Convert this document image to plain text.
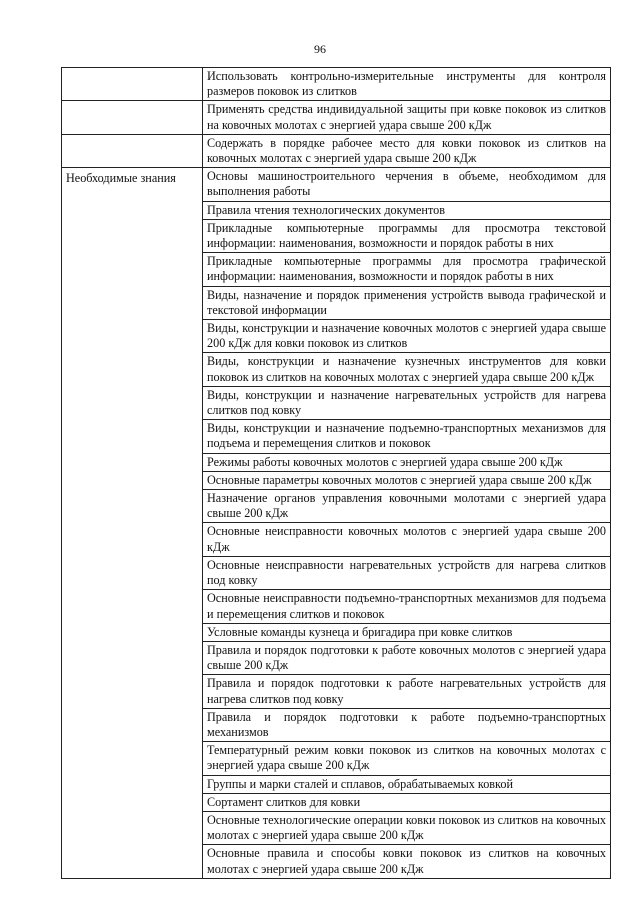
96
	Использовать контрольно-измерительные инструменты для контроля размеров поковок из слитков
	Применять средства индивидуальной защиты при ковке поковок из слитков на ковочных молотах с энергией удара свыше 200 кДж
	Содержать в порядке рабочее место для ковки поковок из слитков на ковочных молотах с энергией удара свыше 200 кДж
Необходимые знания	Основы машиностроительного черчения в объеме, необходимом для выполнения работы
	Правила чтения технологических документов
	Прикладные компьютерные программы для просмотра текстовой информации: наименования, возможности и порядок работы в них
	Прикладные компьютерные программы для просмотра графической информации: наименования, возможности и порядок работы в них
	Виды, назначение и порядок применения устройств вывода графической и текстовой информации
	Виды, конструкции и назначение ковочных молотов с энергией удара свыше 200 кДж для ковки поковок из слитков
	Виды, конструкции и назначение кузнечных инструментов для ковки поковок из слитков на ковочных молотах с энергией удара свыше 200 кДж
	Виды, конструкции и назначение нагревательных устройств для нагрева слитков под ковку
	Виды, конструкции и назначение подъемно-транспортных механизмов для подъема и перемещения слитков и поковок
	Режимы работы ковочных молотов с энергией удара свыше 200 кДж
	Основные параметры ковочных молотов с энергией удара свыше 200 кДж
	Назначение органов управления ковочными молотами с энергией удара свыше 200 кДж
	Основные неисправности ковочных молотов с энергией удара свыше 200 кДж
	Основные неисправности нагревательных устройств для нагрева слитков под ковку
	Основные неисправности подъемно-транспортных механизмов для подъема и перемещения слитков и поковок
	Условные команды кузнеца и бригадира при ковке слитков
	Правила и порядок подготовки к работе ковочных молотов с энергией удара свыше 200 кДж
	Правила и порядок подготовки к работе нагревательных устройств для нагрева слитков под ковку
	Правила и порядок подготовки к работе подъемно-транспортных механизмов
	Температурный режим ковки поковок из слитков на ковочных молотах с энергией удара свыше 200 кДж
	Группы и марки сталей и сплавов, обрабатываемых ковкой
	Сортамент слитков для ковки
	Основные технологические операции ковки поковок из слитков на ковочных молотах с энергией удара свыше 200 кДж
	Основные правила и способы ковки поковок из слитков на ковочных молотах с энергией удара свыше 200 кДж
